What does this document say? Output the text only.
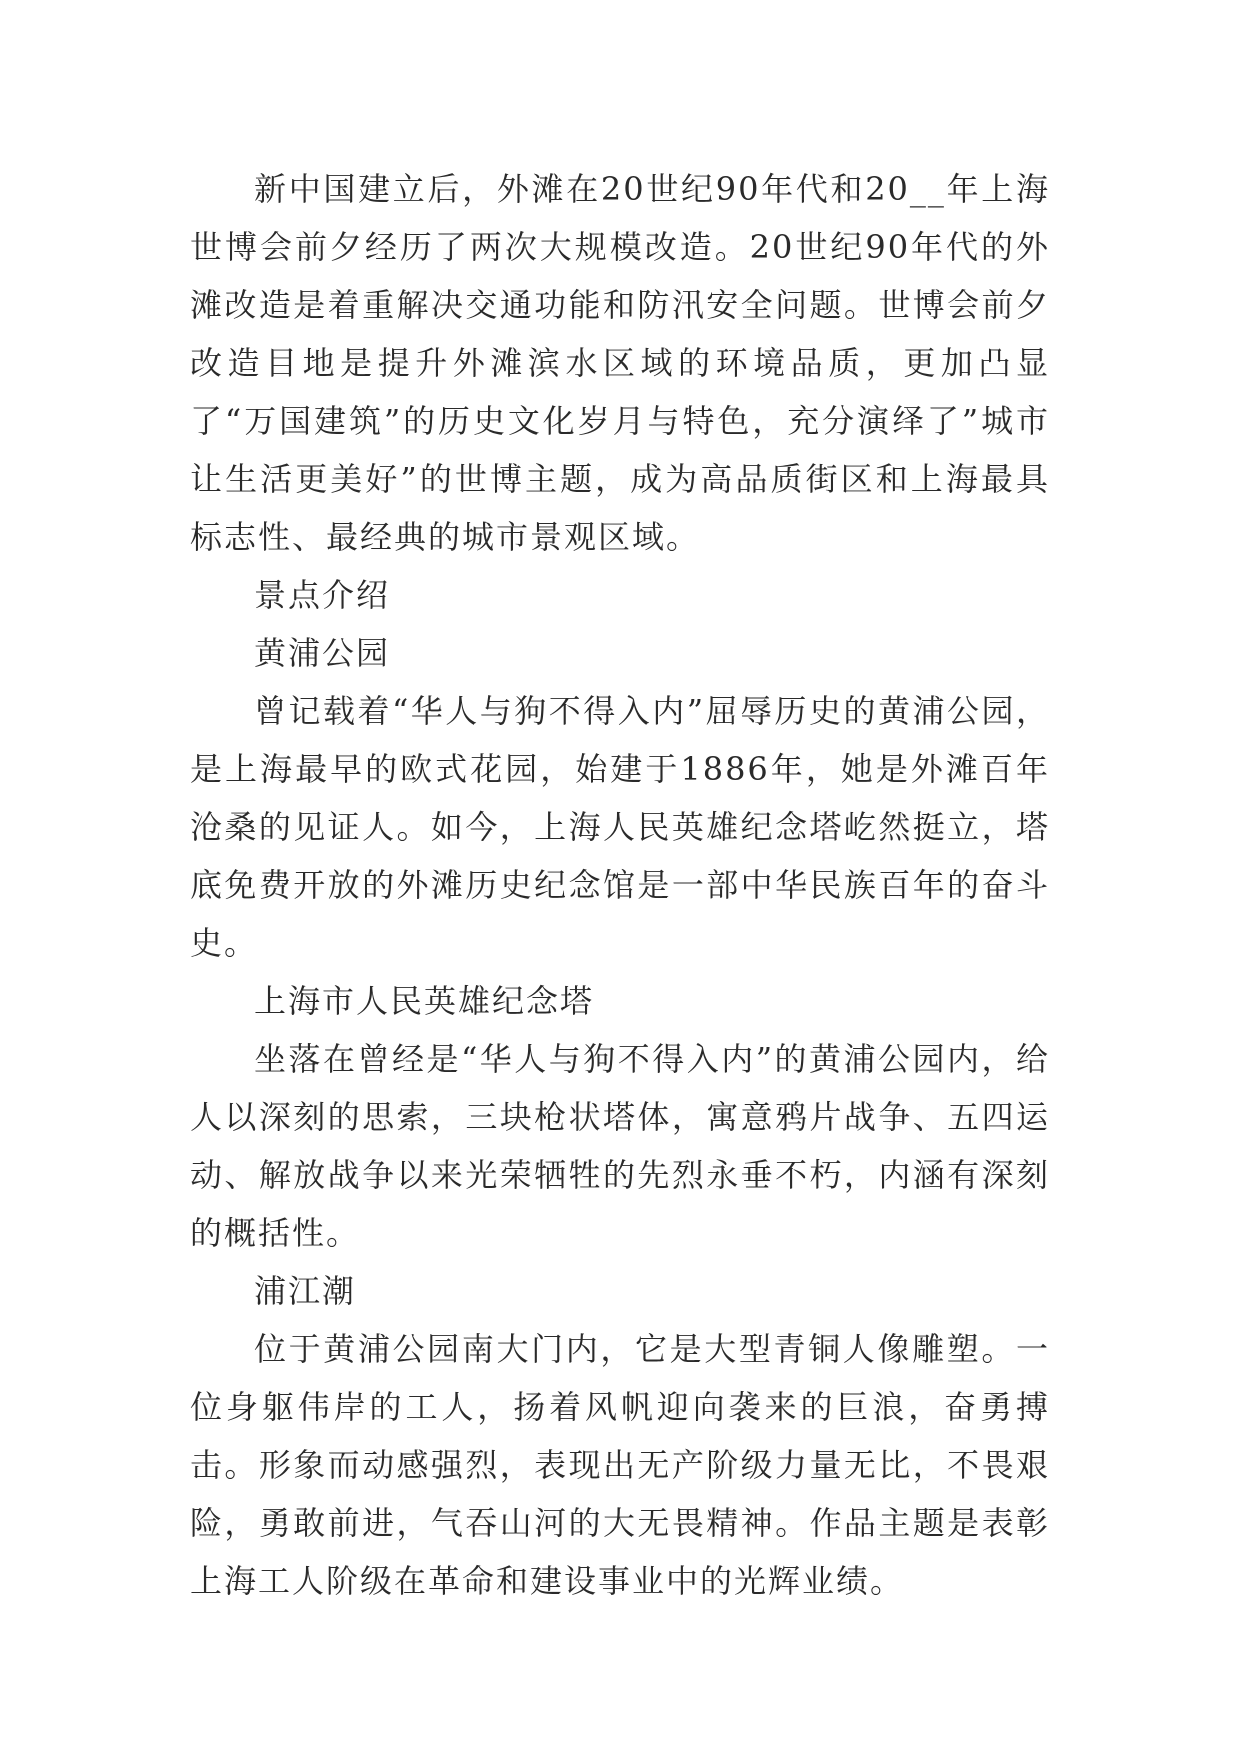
新中国建立后，外滩在20世纪90年代和20__年上海世博会前夕经历了两次大规模改造。20世纪90年代的外滩改造是着重解决交通功能和防汛安全问题。世博会前夕改造目地是提升外滩滨水区域的环境品质，更加凸显了“万国建筑”的历史文化岁月与特色，充分演绎了”城市让生活更美好”的世博主题，成为高品质街区和上海最具标志性、最经典的城市景观区域。

景点介绍

黄浦公园

曾记载着“华人与狗不得入内”屈辱历史的黄浦公园，是上海最早的欧式花园，始建于1886年，她是外滩百年沧桑的见证人。如今，上海人民英雄纪念塔屹然挺立，塔底免费开放的外滩历史纪念馆是一部中华民族百年的奋斗史。

上海市人民英雄纪念塔

坐落在曾经是“华人与狗不得入内”的黄浦公园内，给人以深刻的思索，三块枪状塔体，寓意鸦片战争、五四运动、解放战争以来光荣牺牲的先烈永垂不朽，内涵有深刻的概括性。

浦江潮

位于黄浦公园南大门内，它是大型青铜人像雕塑。一位身躯伟岸的工人，扬着风帆迎向袭来的巨浪，奋勇搏击。形象而动感强烈，表现出无产阶级力量无比，不畏艰险，勇敢前进，气吞山河的大无畏精神。作品主题是表彰上海工人阶级在革命和建设事业中的光辉业绩。
